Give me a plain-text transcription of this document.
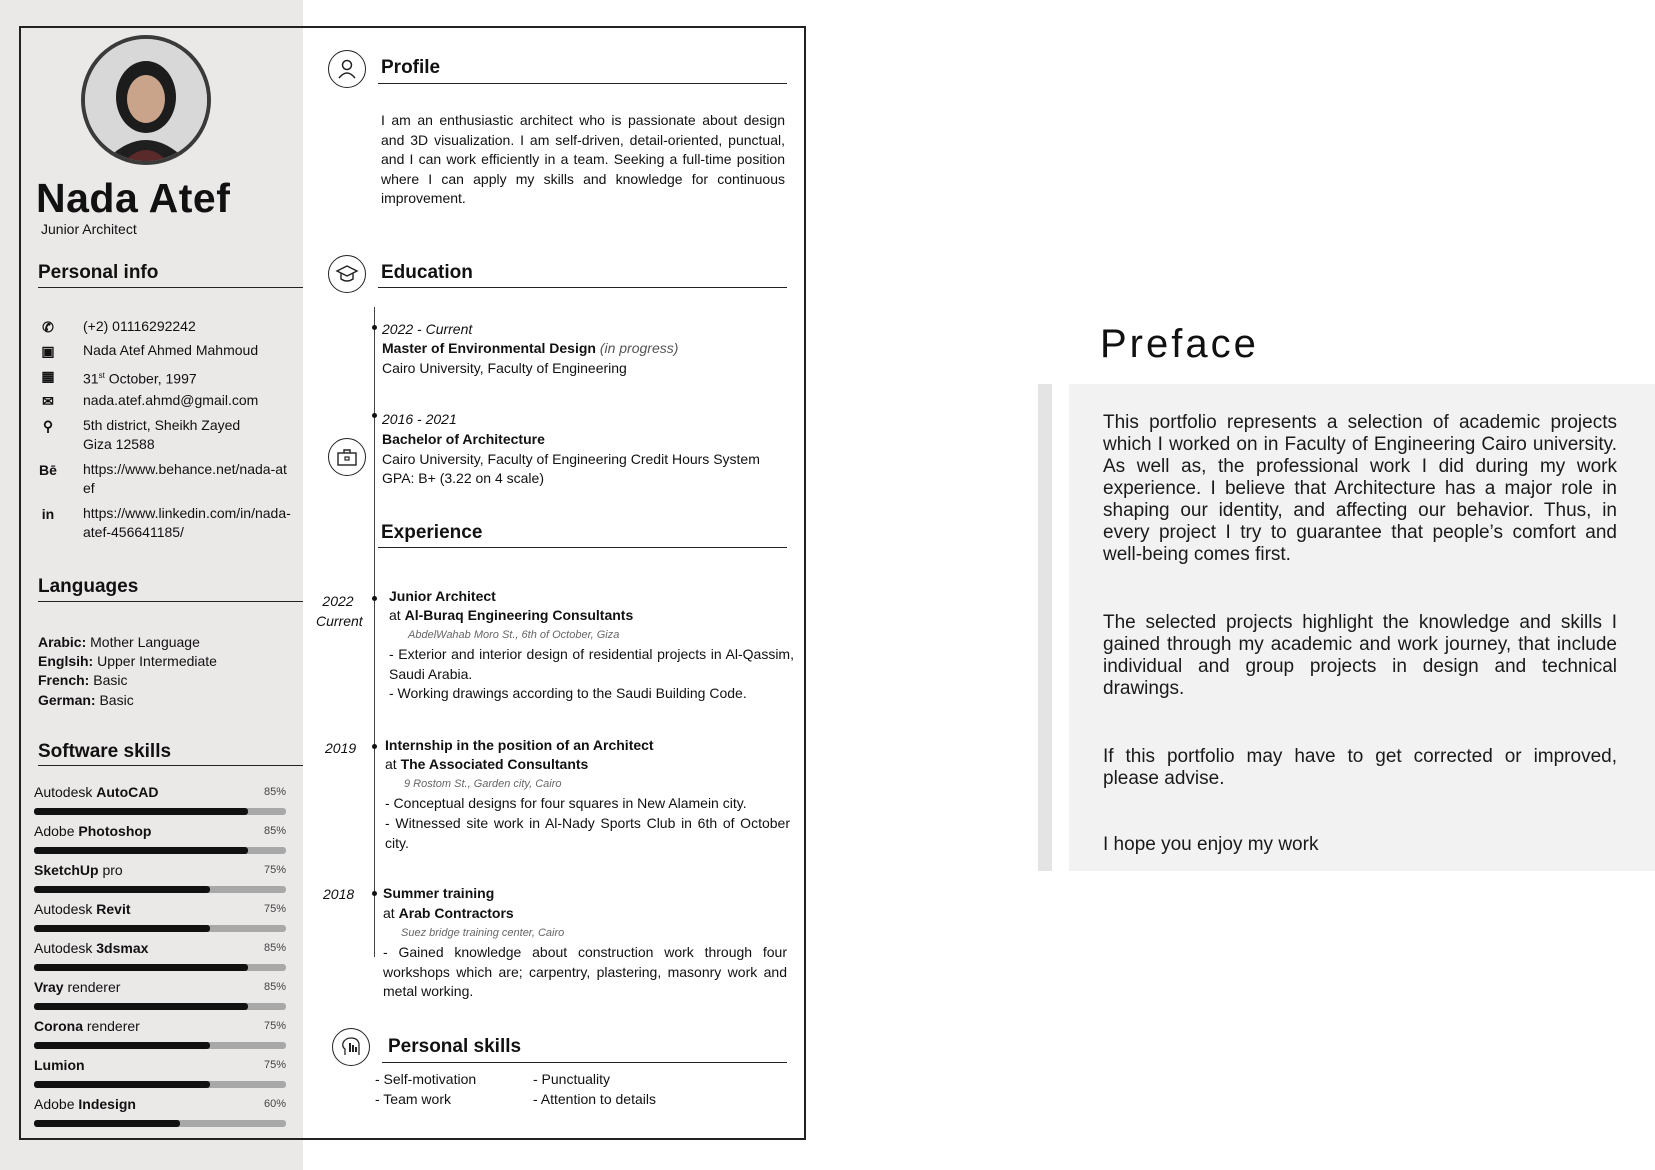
Nada Atef
Junior Architect
Personal info
✆ (+2) 01116292242
▣ Nada Atef Ahmed Mahmoud
▦ 31st October, 1997
✉ nada.atef.ahmd@gmail.com
⚲	5th district, Sheikh Zayed Giza 12588
Bē https://www.behance.net/nada-atef
in https://www.linkedin.com/in/nada-atef-456641185/
Languages
Arabic: Mother Language
Englsih: Upper Intermediate
French: Basic
German: Basic
Software skills
Autodesk AutoCAD	85%
Adobe Photoshop	85%
SketchUp pro	75%
Autodesk Revit	75%
Autodesk 3dsmax	85%
Vray renderer	85%
Corona renderer	75%
Lumion	75%
Adobe Indesign	60%
Profile
I am an enthusiastic architect who is passionate about design and 3D visualization. I am self-driven, detail-oriented, punctual, and I can work efficiently in a team. Seeking a full-time position where I can apply my skills and knowledge for continuous improvement.
Education
2022 - Current
Master of Environmental Design (in progress)
Cairo University, Faculty of Engineering
2016 - 2021
Bachelor of Architecture
Cairo University, Faculty of Engineering Credit Hours System
GPA: B+ (3.22 on 4 scale)
Experience
2022
Current
Junior Architect
at Al-Buraq Engineering Consultants
AbdelWahab Moro St., 6th of October, Giza
- Exterior and interior design of residential projects in Al-Qassim, Saudi Arabia.
- Working drawings according to the Saudi Building Code.
2019 Internship in the position of an Architect
at The Associated Consultants
9 Rostom St., Garden city, Cairo
- Conceptual designs for four squares in New Alamein city.
- Witnessed site work in Al-Nady Sports Club in 6th of October city.
2018 Summer training
at Arab Contractors
Suez bridge training center, Cairo
- Gained knowledge about construction work through four workshops which are; carpentry, plastering, masonry work and metal working.
Personal skills
- Self-motivation
- Team work
- Punctuality
- Attention to details
Preface
This portfolio represents a selection of academic projects which I worked on in Faculty of Engineering Cairo university. As well as, the professional work I did during my work experience. I believe that Architecture has a major role in shaping our identity, and affecting our behavior. Thus, in every project I try to guarantee that people’s comfort and well-being comes first.
The selected projects highlight the knowledge and skills I gained through my academic and work journey, that include individual and group projects in design and technical drawings.
If this portfolio may have to get corrected or improved, please advise.
I hope you enjoy my work
